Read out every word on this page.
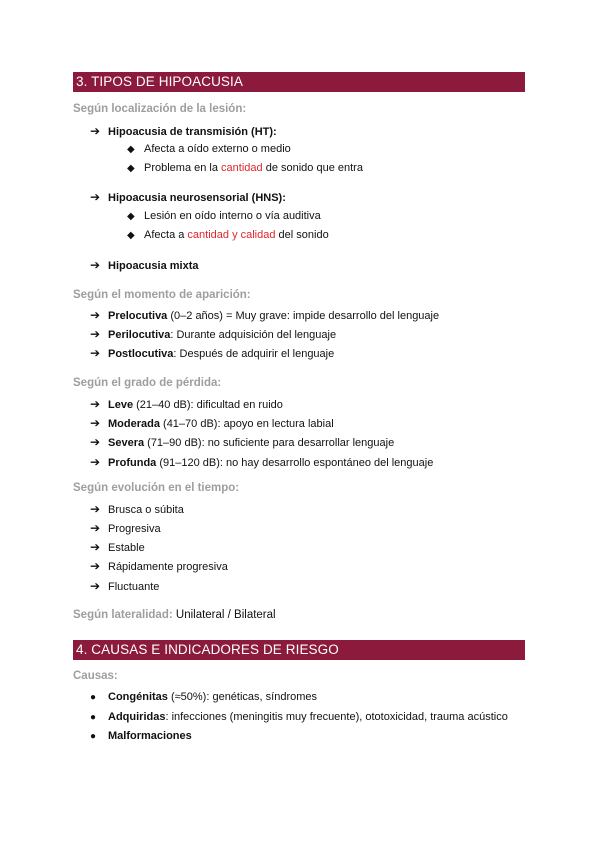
3. TIPOS DE HIPOACUSIA
Según localización de la lesión:
➔ Hipoacusia de transmisión (HT):
◆ Afecta a oído externo o medio
◆ Problema en la cantidad de sonido que entra
➔ Hipoacusia neurosensorial (HNS):
◆ Lesión en oído interno o vía auditiva
◆ Afecta a cantidad y calidad del sonido
➔ Hipoacusia mixta
Según el momento de aparición:
➔ Prelocutiva (0–2 años) = Muy grave: impide desarrollo del lenguaje
➔ Perilocutiva: Durante adquisición del lenguaje
➔ Postlocutiva: Después de adquirir el lenguaje
Según el grado de pérdida:
➔ Leve (21–40 dB): dificultad en ruido
➔ Moderada (41–70 dB): apoyo en lectura labial
➔ Severa (71–90 dB): no suficiente para desarrollar lenguaje
➔ Profunda (91–120 dB): no hay desarrollo espontáneo del lenguaje
Según evolución en el tiempo:
➔ Brusca o súbita
➔ Progresiva
➔ Estable
➔ Rápidamente progresiva
➔ Fluctuante
Según lateralidad: Unilateral / Bilateral
4. CAUSAS E INDICADORES DE RIESGO
Causas:
● Congénitas (≈50%): genéticas, síndromes
● Adquiridas: infecciones (meningitis muy frecuente), ototoxicidad, trauma acústico
● Malformaciones
